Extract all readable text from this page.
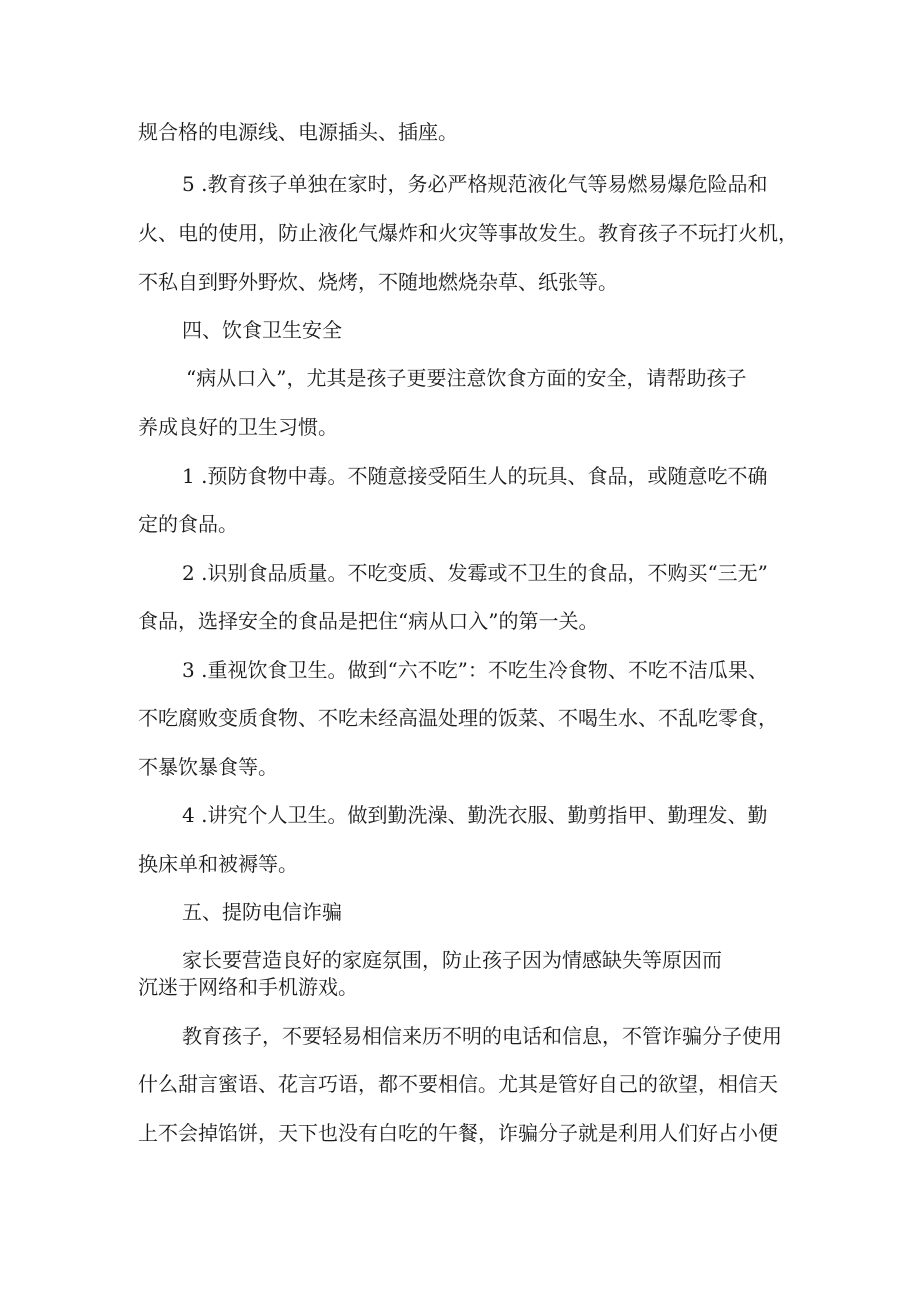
规合格的电源线、电源插头、插座。

5 .教育孩子单独在家时，务必严格规范液化气等易燃易爆危险品和

火、电的使用，防止液化气爆炸和火灾等事故发生。教育孩子不玩打火机，

不私自到野外野炊、烧烤，不随地燃烧杂草、纸张等。

四、饮食卫生安全

“病从口入”，尤其是孩子更要注意饮食方面的安全，请帮助孩子

养成良好的卫生习惯。

1 .预防食物中毒。不随意接受陌生人的玩具、食品，或随意吃不确

定的食品。

2 .识别食品质量。不吃变质、发霉或不卫生的食品，不购买“三无”

食品，选择安全的食品是把住“病从口入”的第一关。

3 .重视饮食卫生。做到“六不吃”：不吃生冷食物、不吃不洁瓜果、

不吃腐败变质食物、不吃未经高温处理的饭菜、不喝生水、不乱吃零食，

不暴饮暴食等。

4 .讲究个人卫生。做到勤洗澡、勤洗衣服、勤剪指甲、勤理发、勤

换床单和被褥等。

五、提防电信诈骗

家长要营造良好的家庭氛围，防止孩子因为情感缺失等原因而

沉迷于网络和手机游戏。

教育孩子，不要轻易相信来历不明的电话和信息，不管诈骗分子使用

什么甜言蜜语、花言巧语，都不要相信。尤其是管好自己的欲望，相信天

上不会掉馅饼，天下也没有白吃的午餐，诈骗分子就是利用人们好占小便
